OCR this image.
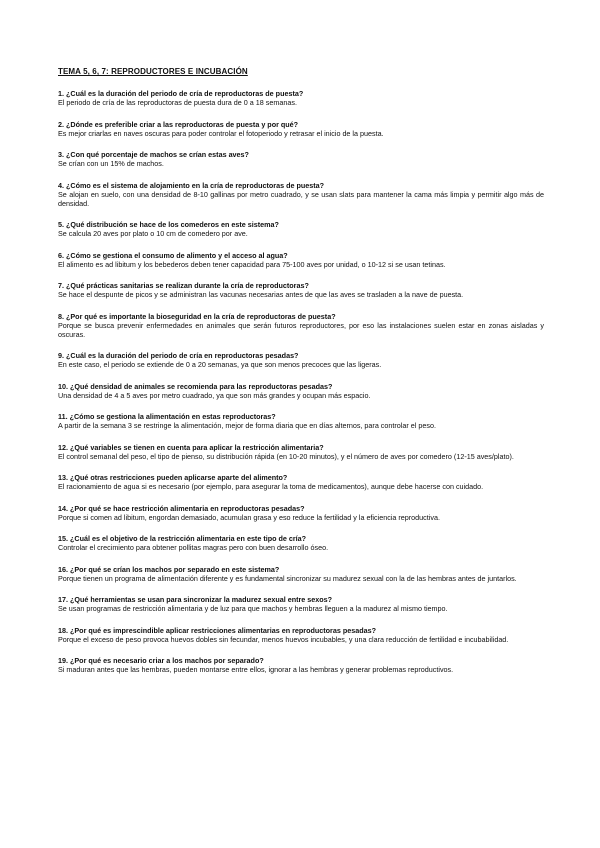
TEMA 5, 6, 7: REPRODUCTORES E INCUBACIÓN

1. ¿Cuál es la duración del periodo de cría de reproductoras de puesta?

El periodo de cría de las reproductoras de puesta dura de 0 a 18 semanas.

2. ¿Dónde es preferible criar a las reproductoras de puesta y por qué?

Es mejor criarlas en naves oscuras para poder controlar el fotoperiodo y retrasar el inicio de la puesta.

3. ¿Con qué porcentaje de machos se crían estas aves?

Se crían con un 15% de machos.

4. ¿Cómo es el sistema de alojamiento en la cría de reproductoras de puesta?

Se alojan en suelo, con una densidad de 8-10 gallinas por metro cuadrado, y se usan slats para mantener la cama más limpia y permitir algo más de densidad.

5. ¿Qué distribución se hace de los comederos en este sistema?

Se calcula 20 aves por plato o 10 cm de comedero por ave.

6. ¿Cómo se gestiona el consumo de alimento y el acceso al agua?

El alimento es ad libitum y los bebederos deben tener capacidad para 75-100 aves por unidad, o 10-12 si se usan tetinas.

7. ¿Qué prácticas sanitarias se realizan durante la cría de reproductoras?

Se hace el despunte de picos y se administran las vacunas necesarias antes de que las aves se trasladen a la nave de puesta.

8. ¿Por qué es importante la bioseguridad en la cría de reproductoras de puesta?

Porque se busca prevenir enfermedades en animales que serán futuros reproductores, por eso las instalaciones suelen estar en zonas aisladas y oscuras.

9. ¿Cuál es la duración del periodo de cría en reproductoras pesadas?

En este caso, el periodo se extiende de 0 a 20 semanas, ya que son menos precoces que las ligeras.

10. ¿Qué densidad de animales se recomienda para las reproductoras pesadas?

Una densidad de 4 a 5 aves por metro cuadrado, ya que son más grandes y ocupan más espacio.

11. ¿Cómo se gestiona la alimentación en estas reproductoras?

A partir de la semana 3 se restringe la alimentación, mejor de forma diaria que en días alternos, para controlar el peso.

12. ¿Qué variables se tienen en cuenta para aplicar la restricción alimentaria?

El control semanal del peso, el tipo de pienso, su distribución rápida (en 10-20 minutos), y el número de aves por comedero (12-15 aves/plato).

13. ¿Qué otras restricciones pueden aplicarse aparte del alimento?

El racionamiento de agua si es necesario (por ejemplo, para asegurar la toma de medicamentos), aunque debe hacerse con cuidado.

14. ¿Por qué se hace restricción alimentaria en reproductoras pesadas?

Porque si comen ad libitum, engordan demasiado, acumulan grasa y eso reduce la fertilidad y la eficiencia reproductiva.

15. ¿Cuál es el objetivo de la restricción alimentaria en este tipo de cría?

Controlar el crecimiento para obtener pollitas magras pero con buen desarrollo óseo.

16. ¿Por qué se crían los machos por separado en este sistema?

Porque tienen un programa de alimentación diferente y es fundamental sincronizar su madurez sexual con la de las hembras antes de juntarlos.

17. ¿Qué herramientas se usan para sincronizar la madurez sexual entre sexos?

Se usan programas de restricción alimentaria y de luz para que machos y hembras lleguen a la madurez al mismo tiempo.

18. ¿Por qué es imprescindible aplicar restricciones alimentarias en reproductoras pesadas?

Porque el exceso de peso provoca huevos dobles sin fecundar, menos huevos incubables, y una clara reducción de fertilidad e incubabilidad.

19. ¿Por qué es necesario criar a los machos por separado?

Si maduran antes que las hembras, pueden montarse entre ellos, ignorar a las hembras y generar problemas reproductivos.
